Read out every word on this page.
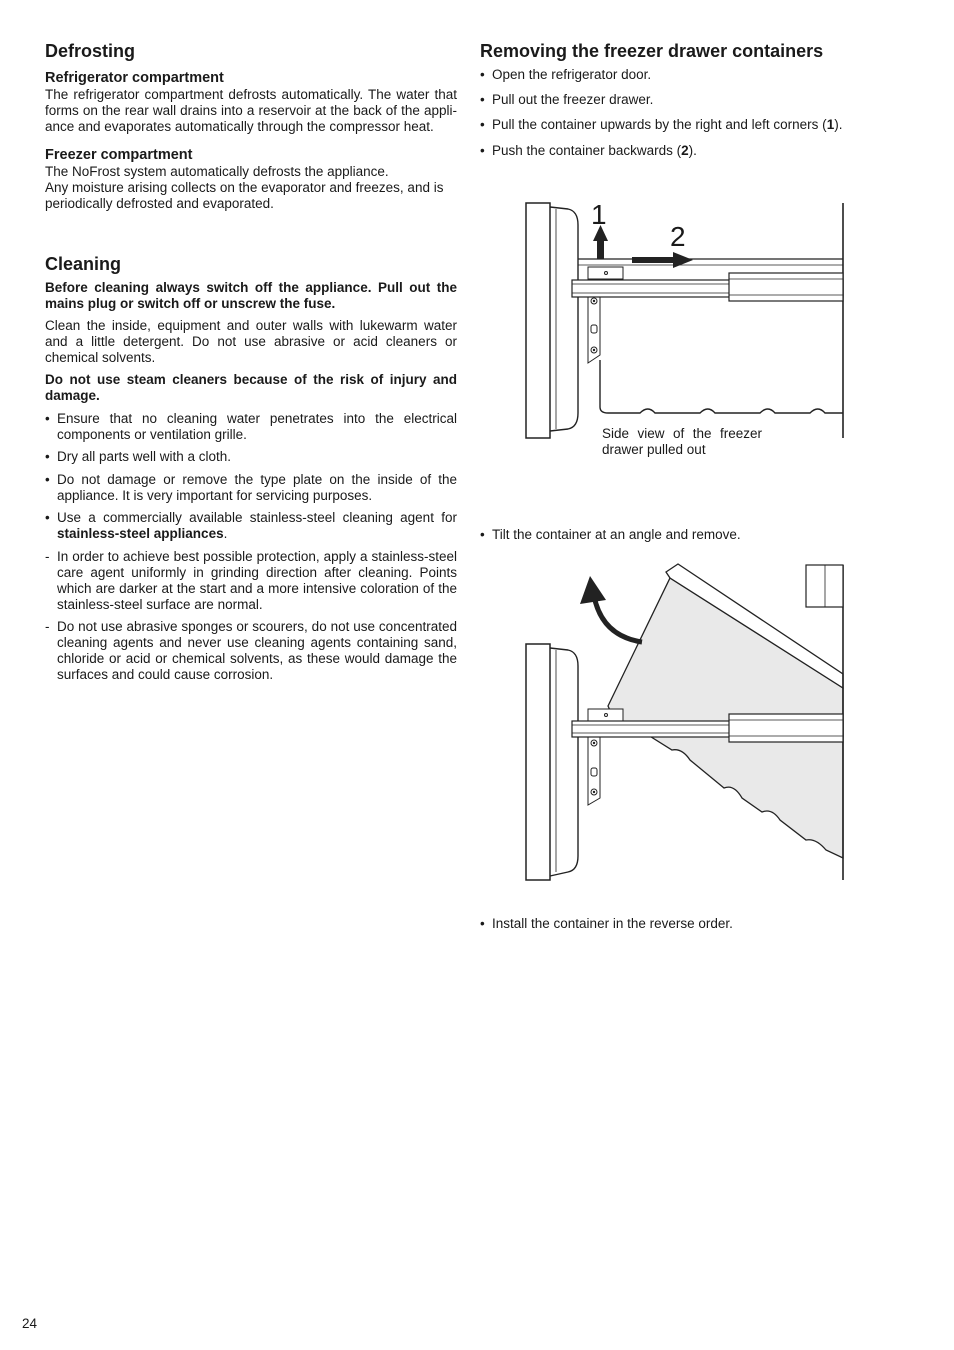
Defrosting
Refrigerator compartment

The refrigerator compartment defrosts automatically. The water that forms on the rear wall drains into a reservoir at the back of the appli-ance and evaporates automatically through the compressor heat.

Freezer compartment

The NoFrost system automatically defrosts the appliance.

Any moisture arising collects on the evaporator and freezes, and is periodically defrosted and evaporated.

Cleaning

Before cleaning always switch off the appliance. Pull out the mains plug or switch off or unscrew the fuse.

Clean the inside, equipment and outer walls with lukewarm water and a little detergent. Do not use abrasive or acid cleaners or chemical solvents.

Do not use steam cleaners because of the risk of injury and damage.

• Ensure that no cleaning water penetrates into the electrical components or ventilation grille.
• Dry all parts well with a cloth.
• Do not damage or remove the type plate on the inside of the appliance. It is very important for servicing purposes.
• Use a commercially available stainless-steel cleaning agent for stainless-steel appliances.
- In order to achieve best possible protection, apply a stainless-steel care agent uniformly in grinding direction after cleaning. Points which are darker at the start and a more intensive coloration of the stainless-steel surface are normal.
- Do not use abrasive sponges or scourers, do not use concentrated cleaning agents and never use cleaning agents containing sand, chloride or acid or chemical solvents, as these would damage the surfaces and could cause corrosion.
Removing the freezer drawer containers
• Open the refrigerator door.
• Pull out the freezer drawer.
• Pull the container upwards by the right and left corners (1).
• Push the container backwards (2).
1
2
Side view of the freezer drawer pulled out
• Tilt the container at an angle and remove.
• Install the container in the reverse order.
24
